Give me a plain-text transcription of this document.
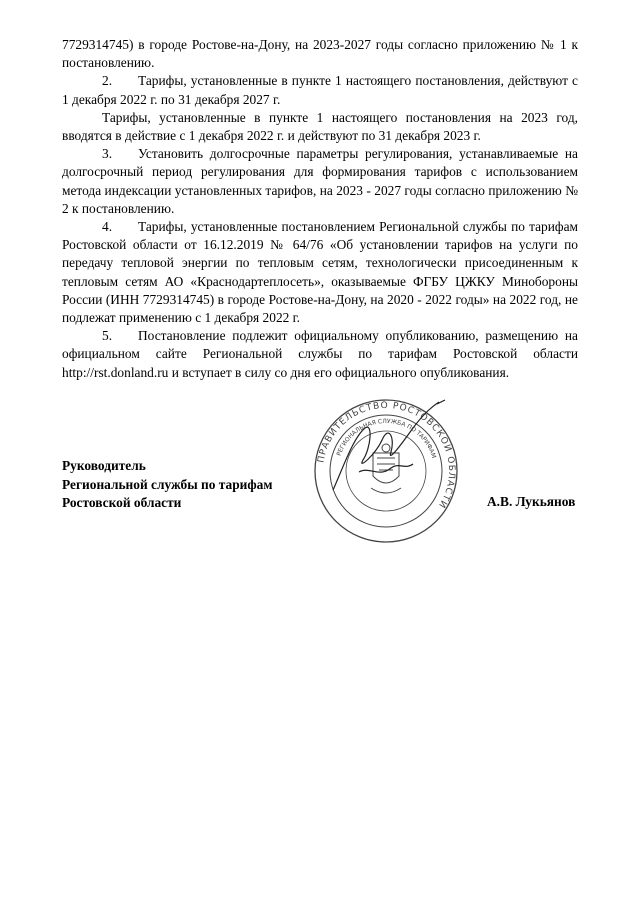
7729314745) в городе Ростове-на-Дону, на 2023-2027 годы согласно приложению № 1 к постановлению.

2. Тарифы, установленные в пункте 1 настоящего постановления, действуют с 1 декабря 2022 г. по 31 декабря 2027 г.

Тарифы, установленные в пункте 1 настоящего постановления на 2023 год, вводятся в действие с 1 декабря 2022 г. и действуют по 31 декабря 2023 г.

3. Установить долгосрочные параметры регулирования, устанавливаемые на долгосрочный период регулирования для формирования тарифов с использованием метода индексации установленных тарифов, на 2023 - 2027 годы согласно приложению № 2 к постановлению.

4. Тарифы, установленные постановлением Региональной службы по тарифам Ростовской области от 16.12.2019 № 64/76 «Об установлении тарифов на услуги по передачу тепловой энергии по тепловым сетям, технологически присоединенным к тепловым сетям АО «Краснодартеплосеть», оказываемые ФГБУ ЦЖКУ Минобороны России (ИНН 7729314745) в городе Ростове-на-Дону, на 2020 - 2022 годы» на 2022 год, не подлежат применению с 1 декабря 2022 г.

5. Постановление подлежит официальному опубликованию, размещению на официальном сайте Региональной службы по тарифам Ростовской области http://rst.donland.ru и вступает в силу со дня его официального опубликования.

Руководитель
Региональной службы по тарифам
Ростовской области
ПРАВИТЕЛЬСТВО РОСТОВСКОЙ ОБЛАСТИ
РЕГИОНАЛЬНАЯ СЛУЖБА ПО ТАРИФАМ
А.В. Лукьянов
